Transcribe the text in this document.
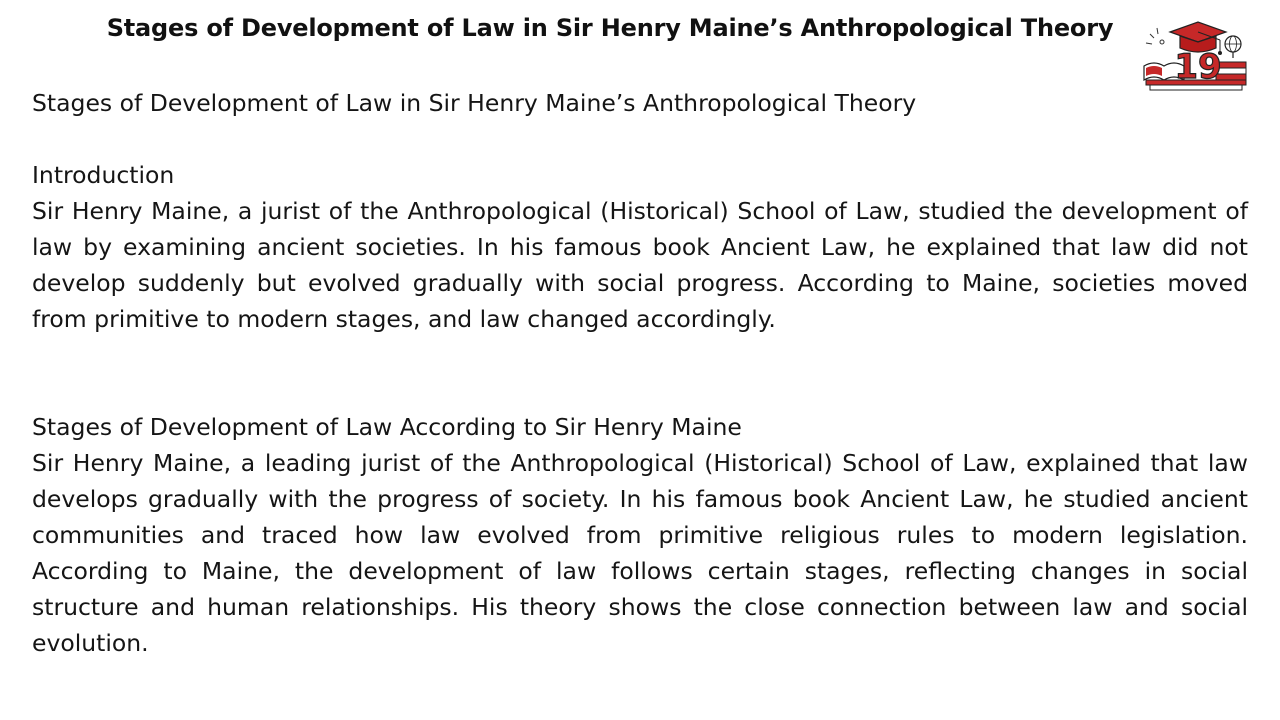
Stages of Development of Law in Sir Henry Maine’s Anthropological Theory
19

Stages of Development of Law in Sir Henry Maine’s Anthropological Theory

Introduction

Sir Henry Maine, a jurist of the Anthropological (Historical) School of Law, studied the development of law by examining ancient societies. In his famous book Ancient Law, he explained that law did not develop suddenly but evolved gradually with social progress. According to Maine, societies moved from primitive to modern stages, and law changed accordingly.

Stages of Development of Law According to Sir Henry Maine

Sir Henry Maine, a leading jurist of the Anthropological (Historical) School of Law, explained that law develops gradually with the progress of society. In his famous book Ancient Law, he studied ancient communities and traced how law evolved from primitive religious rules to modern legislation. According to Maine, the development of law follows certain stages, reflecting changes in social structure and human relationships. His theory shows the close connection between law and social evolution.
